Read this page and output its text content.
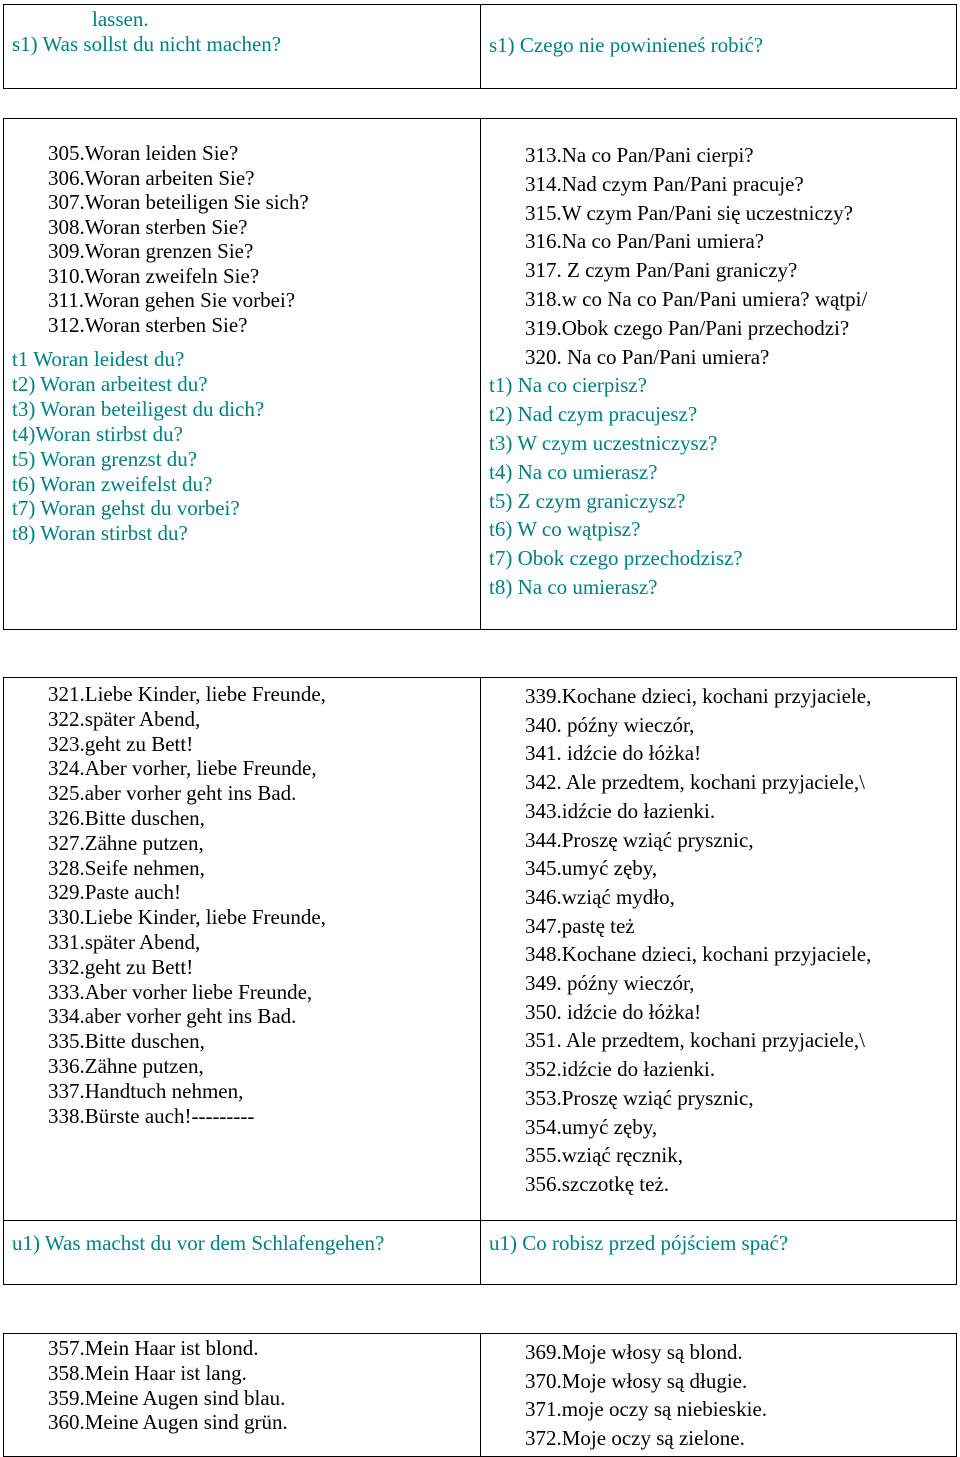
lassen.
s1) Was sollst du nicht machen?	s1) Czego nie powinieneś robić?
305. Woran leiden Sie?
306. Woran arbeiten Sie?
307. Woran beteiligen Sie sich?
308. Woran sterben Sie?
309. Woran grenzen Sie?
310. Woran zweifeln Sie?
311. Woran gehen Sie vorbei?
312. Woran sterben Sie?
t1 Woran leidest du?
t2) Woran arbeitest du?
t3) Woran beteiligest du dich?
t4)Woran stirbst du?
t5) Woran grenzst du?
t6) Woran zweifelst du?
t7) Woran gehst du vorbei?
t8) Woran stirbst du?
313. Na co Pan/Pani cierpi?
314. Nad czym Pan/Pani pracuje?
315. W czym Pan/Pani się uczestniczy?
316. Na co Pan/Pani umiera?
317. Z czym Pan/Pani graniczy?
318. w co Na co Pan/Pani umiera? wątpi/
319. Obok czego Pan/Pani przechodzi?
320. Na co Pan/Pani umiera?
t1) Na co cierpisz?
t2) Nad czym pracujesz?
t3) W czym uczestniczysz?
t4) Na co umierasz?
t5) Z czym graniczysz?
t6) W co wątpisz?
t7) Obok czego przechodzisz?
t8) Na co umierasz?
321. Liebe Kinder, liebe Freunde,
322. später Abend,
323. geht zu Bett!
324. Aber vorher, liebe Freunde,
325. aber vorher geht ins Bad.
326. Bitte duschen,
327. Zähne putzen,
328. Seife nehmen,
329. Paste auch!
330. Liebe Kinder, liebe Freunde,
331. später Abend,
332. geht zu Bett!
333. Aber vorher liebe Freunde,
334. aber vorher geht ins Bad.
335. Bitte duschen,
336. Zähne putzen,
337. Handtuch nehmen,
338. Bürste auch!---------
339. Kochane dzieci, kochani przyjaciele,
340. późny wieczór,
341. idźcie do łóżka!
342. Ale przedtem, kochani przyjaciele,\
343. idźcie do łazienki.
344. Proszę wziąć prysznic,
345. umyć zęby,
346. wziąć mydło,
347. pastę też
348. Kochane dzieci, kochani przyjaciele,
349. późny wieczór,
350. idźcie do łóżka!
351. Ale przedtem, kochani przyjaciele,\
352. idźcie do łazienki.
353. Proszę wziąć prysznic,
354. umyć zęby,
355. wziąć ręcznik,
356. szczotkę też.
u1) Was machst du vor dem Schlafengehen?	u1) Co robisz przed pójściem spać?
357. Mein Haar ist blond.
358. Mein Haar ist lang.
359. Meine Augen sind blau.
360. Meine Augen sind grün.
369. Moje włosy są blond.
370. Moje włosy są długie.
371. moje oczy są niebieskie.
372. Moje oczy są zielone.
